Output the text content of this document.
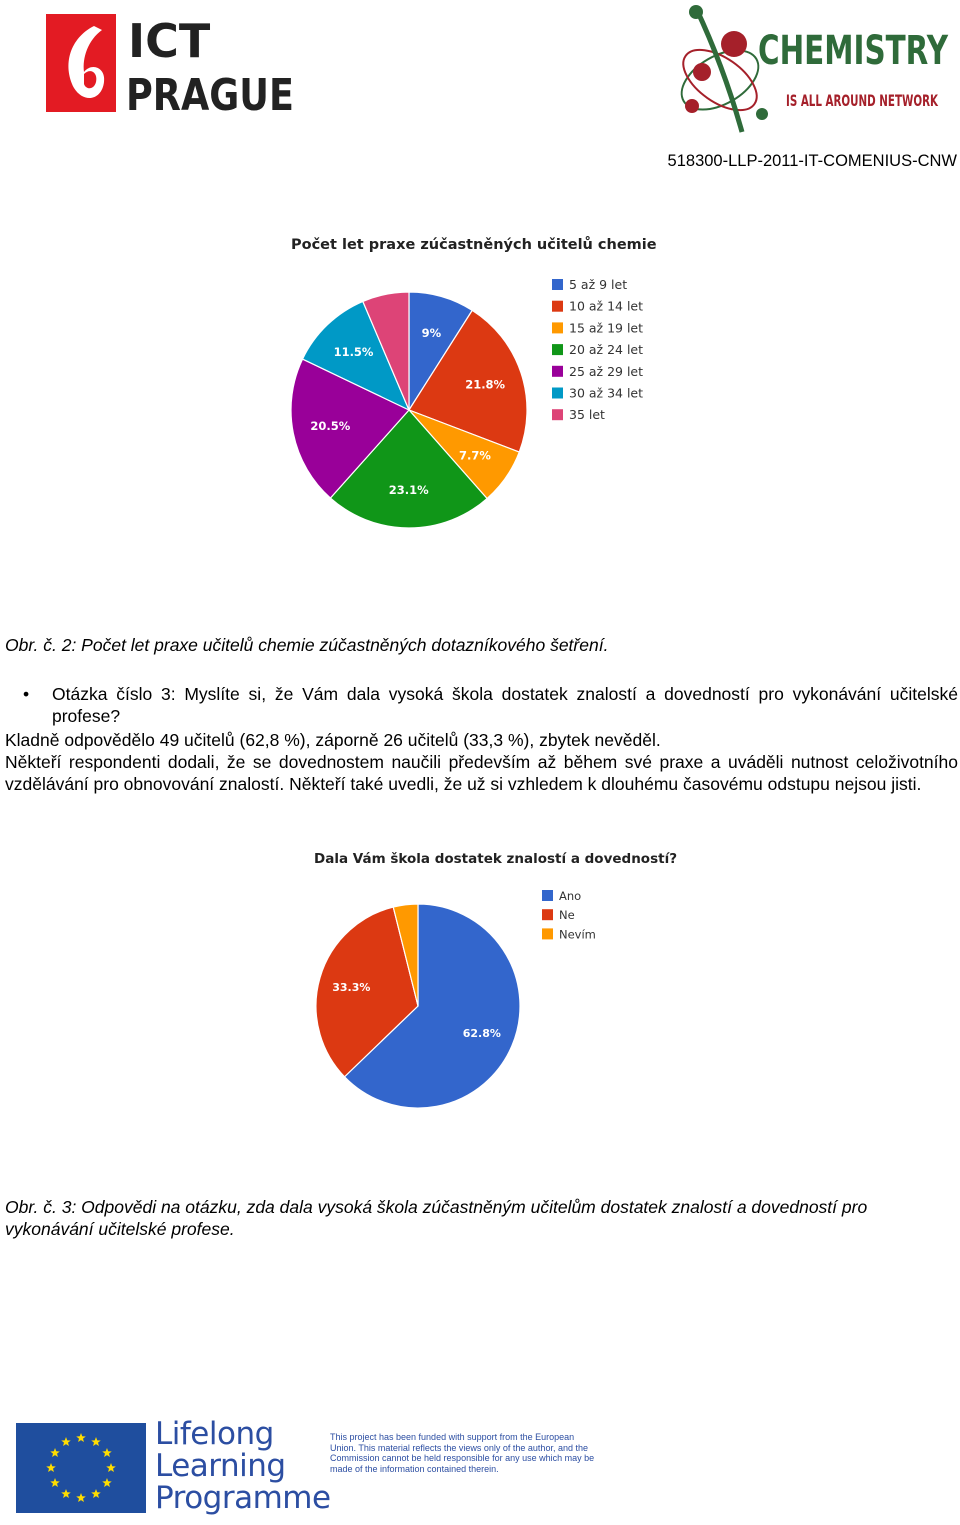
ICT
PRAGUE
CHEMISTRY
IS ALL AROUND NETWORK
518300-LLP-2011-IT-COMENIUS-CNW
Počet let praxe zúčastněných učitelů chemie
9%
21.8%
7.7%
23.1%
20.5%
11.5%
5 až 9 let
10 až 14 let
15 až 19 let
20 až 24 let
25 až 29 let
30 až 34 let
35 let
Obr. č. 2: Počet let praxe učitelů chemie zúčastněných dotazníkového šetření.
• Otázka číslo 3: Myslíte si, že Vám dala vysoká škola dostatek znalostí a dovedností pro vykonávání učitelské profese?

Kladně odpovědělo 49 učitelů (62,8 %), záporně 26 učitelů (33,3 %), zbytek nevěděl.

Někteří respondenti dodali, že se dovednostem naučili především až během své praxe a uváděli nutnost celoživotního vzdělávání pro obnovování znalostí. Někteří také uvedli, že už si vzhledem k dlouhému časovému odstupu nejsou jisti.

Dala Vám škola dostatek znalostí a dovedností?
62.8%
33.3%
Ano
Ne
Nevím
Obr. č. 3: Odpovědi na otázku, zda dala vysoká škola zúčastněným učitelům dostatek znalostí a dovedností pro vykonávání učitelské profese.
Lifelong
Learning
Programme
This project has been funded with support from the European Union. This material reflects the views only of the author, and the Commission cannot be held responsible for any use which may be made of the information contained therein.
